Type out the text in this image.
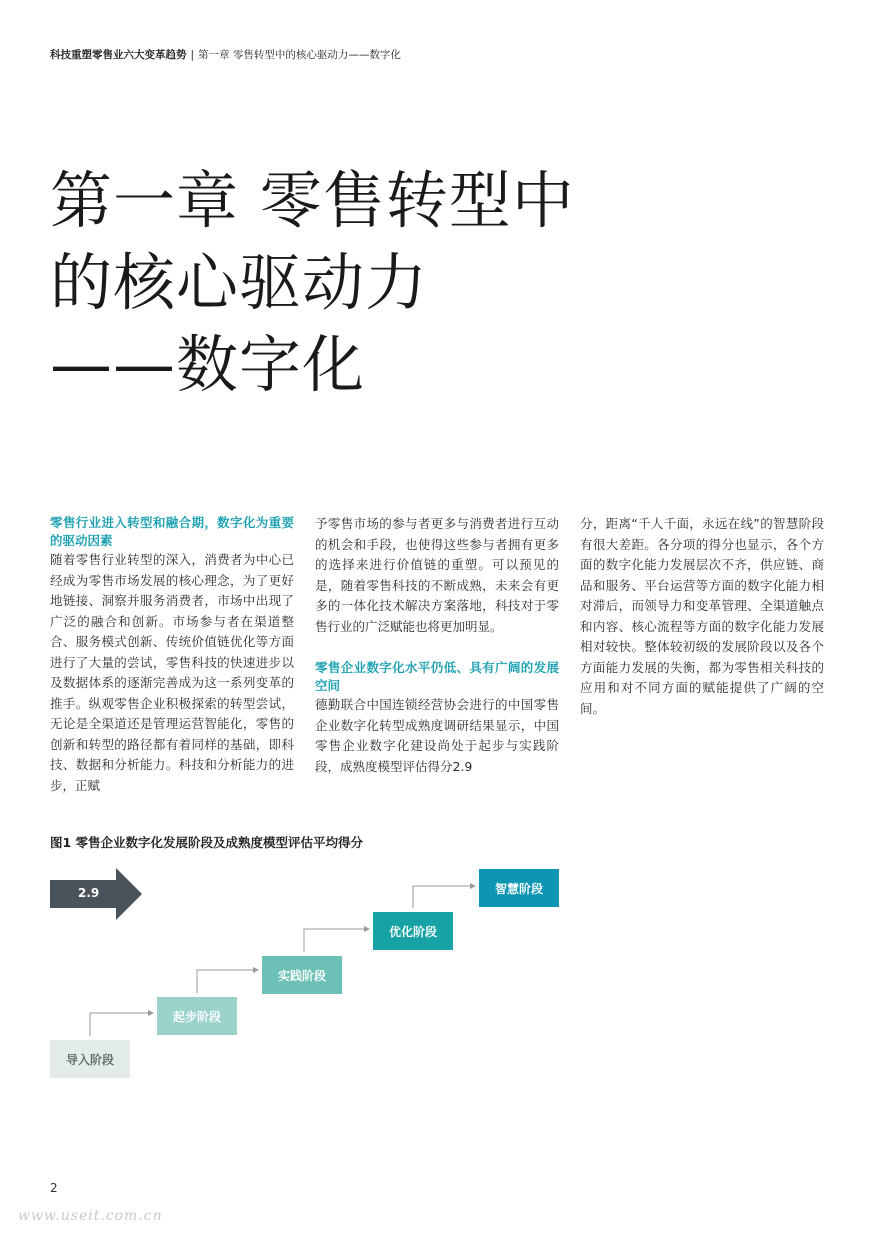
科技重塑零售业六大变革趋势 | 第一章 零售转型中的核心驱动力——数字化
第一章 零售转型中
的核心驱动力
——数字化
零售行业进入转型和融合期，数字化为重要的驱动因素

随着零售行业转型的深入，消费者为中心已经成为零售市场发展的核心理念，为了更好地链接、洞察并服务消费者，市场中出现了广泛的融合和创新。市场参与者在渠道整合、服务模式创新、传统价值链优化等方面进行了大量的尝试，零售科技的快速进步以及数据体系的逐渐完善成为这一系列变革的推手。纵观零售企业积极探索的转型尝试，无论是全渠道还是管理运营智能化，零售的创新和转型的路径都有着同样的基础，即科技、数据和分析能力。科技和分析能力的进步，正赋

予零售市场的参与者更多与消费者进行互动的机会和手段，也使得这些参与者拥有更多的选择来进行价值链的重塑。可以预见的是，随着零售科技的不断成熟，未来会有更多的一体化技术解决方案落地，科技对于零售行业的广泛赋能也将更加明显。

零售企业数字化水平仍低、具有广阔的发展空间

德勤联合中国连锁经营协会进行的中国零售企业数字化转型成熟度调研结果显示，中国零售企业数字化建设尚处于起步与实践阶段，成熟度模型评估得分2.9

分，距离“千人千面，永远在线”的智慧阶段有很大差距。各分项的得分也显示，各个方面的数字化能力发展层次不齐，供应链、商品和服务、平台运营等方面的数字化能力相对滞后，而领导力和变革管理、全渠道触点和内容、核心流程等方面的数字化能力发展相对较快。整体较初级的发展阶段以及各个方面能力发展的失衡，都为零售相关科技的应用和对不同方面的赋能提供了广阔的空间。

图1 零售企业数字化发展阶段及成熟度模型评估平均得分
2.9
导入阶段
起步阶段
实践阶段
优化阶段
智慧阶段
2
www.useit.com.cn
